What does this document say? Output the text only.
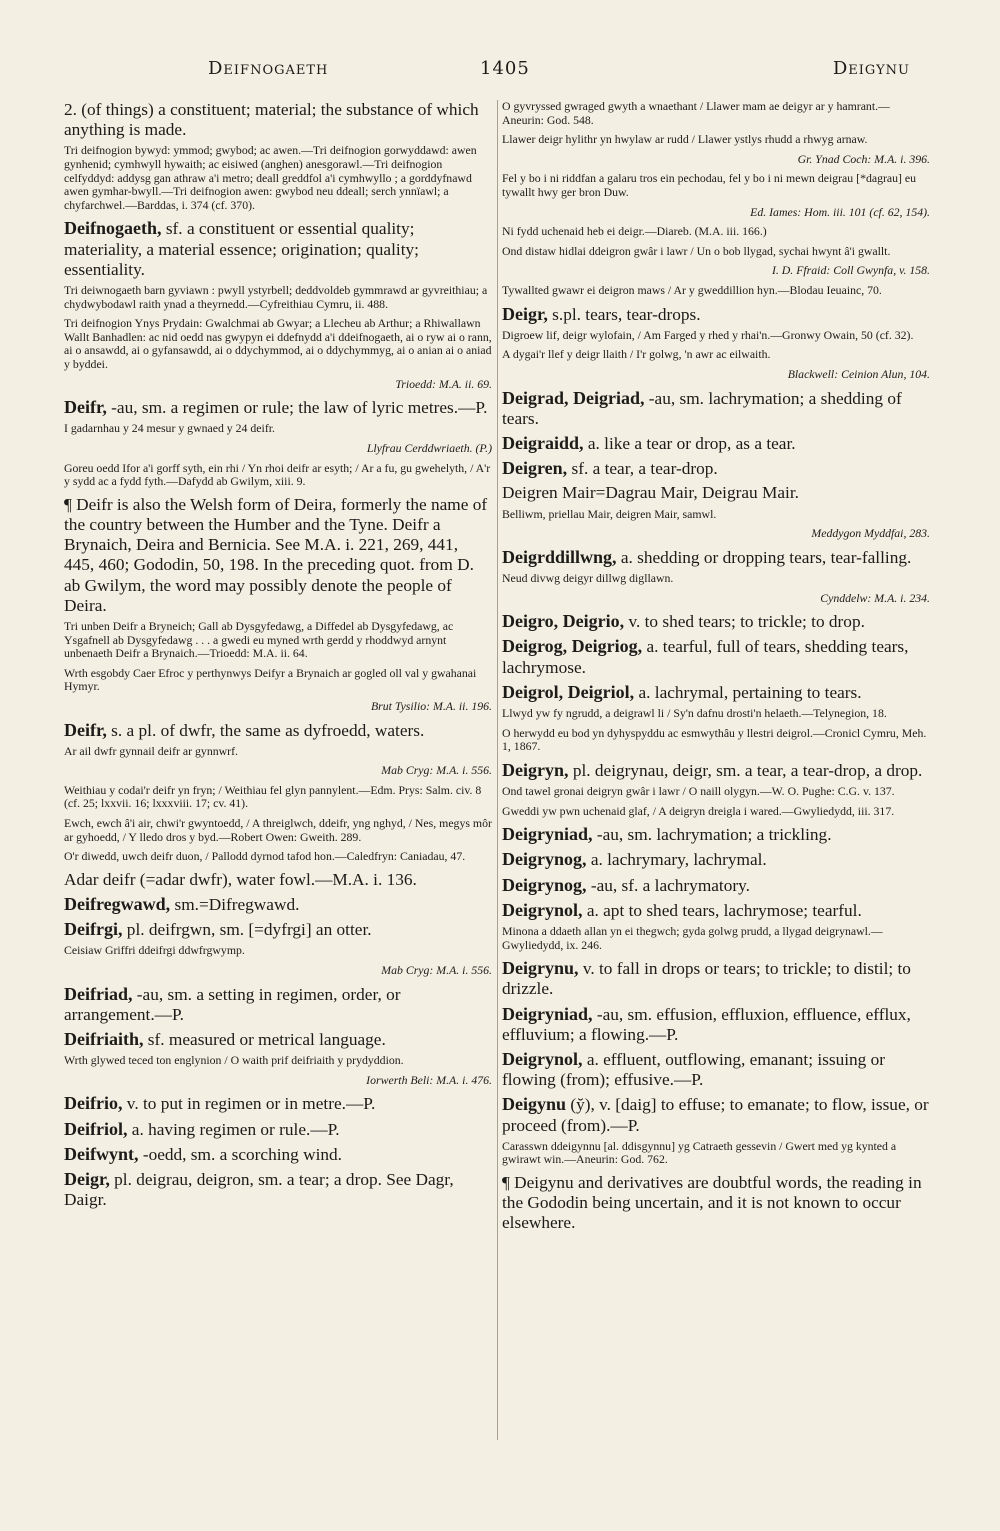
Deifnogaeth	1405	Deigynu
2. (of things) a constituent; material; the substance of which anything is made.
Tri deifnogion bywyd: ymmod; gwybod; ac awen.—Tri deifnogion gorwyddawd: awen gynhenid; cymhwyll hywaith; ac eisiwed (anghen) anesgorawl.—Tri deifnogion celfyddyd: addysg gan athraw a'i metro; deall greddfol a'i cymhwyllo ; a gorddyfnawd awen gymhar-bwyll.—Tri deifnogion awen: gwybod neu ddeall; serch ynnïawl; a chyfarchwel.—Barddas, i. 374 (cf. 370).
Deifnogaeth, sf. a constituent or essential quality; materiality, a material essence; origination; quality; essentiality.
Tri deiwnogaeth barn gyviawn : pwyll ystyrbell; deddvoldeb gymmrawd ar gyvreithiau; a chydwybodawl raith ynad a theyrnedd.—Cyfreithiau Cymru, ii. 488.
Tri deifnogion Ynys Prydain: Gwalchmai ab Gwyar; a Llecheu ab Arthur; a Rhiwallawn Wallt Banhadlen: ac nid oedd nas gwypyn ei ddefnydd a'i ddeifnogaeth, ai o ryw ai o rann, ai o ansawdd, ai o gyfansawdd, ai o ddychymmod, ai o ddychymmyg, ai o anian ai o aniad y byddei.
Trioedd: M.A. ii. 69.
Deifr, -au, sm. a regimen or rule; the law of lyric metres.—P.
I gadarnhau y 24 mesur y gwnaed y 24 deifr.
Llyfrau Cerddwriaeth. (P.)
Goreu oedd Ifor a'i gorff syth, ein rhi / Yn rhoi deifr ar esyth; / Ar a fu, gu gwehelyth, / A'r y sydd ac a fydd fyth.—Dafydd ab Gwilym, xiii. 9.
¶ Deifr is also the Welsh form of Deira, formerly the name of the country between the Humber and the Tyne. Deifr a Brynaich, Deira and Bernicia. See M.A. i. 221, 269, 441, 445, 460; Gododin, 50, 198. In the preceding quot. from D. ab Gwilym, the word may possibly denote the people of Deira.
Tri unben Deifr a Bryneich; Gall ab Dysgyfedawg, a Diffedel ab Dysgyfedawg, ac Ysgafnell ab Dysgyfedawg . . . a gwedi eu myned wrth gerdd y rhoddwyd arnynt unbenaeth Deifr a Brynaich.—Trioedd: M.A. ii. 64.
Wrth esgobdy Caer Efroc y perthynwys Deifyr a Brynaich ar gogled oll val y gwahanai Hymyr.
Brut Tysilio: M.A. ii. 196.
Deifr, s. a pl. of dwfr, the same as dyfroedd, waters.
Ar ail dwfr gynnail deifr ar gynnwrf.
Mab Cryg: M.A. i. 556.
Weithiau y codai'r deifr yn fryn; / Weithiau fel glyn pannylent.—Edm. Prys: Salm. civ. 8 (cf. 25; lxxvii. 16; lxxxviii. 17; cv. 41).
Ewch, ewch â'i air, chwi'r gwyntoedd, / A threiglwch, ddeifr, yng nghyd, / Nes, megys môr ar gyhoedd, / Y lledo dros y byd.—Robert Owen: Gweith. 289.
O'r diwedd, uwch deifr duon, / Pallodd dyrnod tafod hon.—Caledfryn: Caniadau, 47.
Adar deifr (=adar dwfr), water fowl.—M.A. i. 136.
Deifregwawd, sm.=Difregwawd.
Deifrgi, pl. deifrgwn, sm. [=dyfrgi] an otter.
Ceisiaw Griffri ddeifrgi ddwfrgwymp.
Mab Cryg: M.A. i. 556.
Deifriad, -au, sm. a setting in regimen, order, or arrangement.—P.
Deifriaith, sf. measured or metrical language.
Wrth glywed teced ton englynion / O waith prif deifriaith y prydyddion.
Iorwerth Beli: M.A. i. 476.
Deifrio, v. to put in regimen or in metre.—P.
Deifriol, a. having regimen or rule.—P.
Deifwynt, -oedd, sm. a scorching wind.
Deigr, pl. deigrau, deigron, sm. a tear; a drop. See Dagr, Daigr.
O gyvryssed gwraged gwyth a wnaethant / Llawer mam ae deigyr ar y hamrant.—Aneurin: God. 548.
Llawer deigr hylithr yn hwylaw ar rudd / Llawer ystlys rhudd a rhwyg arnaw.
Gr. Ynad Coch: M.A. i. 396.
Fel y bo i ni riddfan a galaru tros ein pechodau, fel y bo i ni mewn deigrau [*dagrau] eu tywallt hwy ger bron Duw.
Ed. Iames: Hom. iii. 101 (cf. 62, 154).
Ni fydd uchenaid heb ei deigr.—Diareb. (M.A. iii. 166.)
Ond distaw hidlai ddeigron gwâr i lawr / Un o bob llygad, sychai hwynt â'i gwallt.
I. D. Ffraid: Coll Gwynfa, v. 158.
Tywallted gwawr ei deigron maws / Ar y gweddillion hyn.—Blodau Ieuainc, 70.
Deigr, s.pl. tears, tear-drops.
Digroew lif, deigr wylofain, / Am Farged y rhed y rhai'n.—Gronwy Owain, 50 (cf. 32).
A dygai'r llef y deigr llaith / I'r golwg, 'n awr ac eilwaith.
Blackwell: Ceinion Alun, 104.
Deigrad, Deigriad, -au, sm. lachrymation; a shedding of tears.
Deigraidd, a. like a tear or drop, as a tear.
Deigren, sf. a tear, a tear-drop.
Deigren Mair=Dagrau Mair, Deigrau Mair.
Belliwm, priellau Mair, deigren Mair, samwl.
Meddygon Myddfai, 283.
Deigrddillwng, a. shedding or dropping tears, tear-falling.
Neud divwg deigyr dillwg digllawn.
Cynddelw: M.A. i. 234.
Deigro, Deigrio, v. to shed tears; to trickle; to drop.
Deigrog, Deigriog, a. tearful, full of tears, shedding tears, lachrymose.
Deigrol, Deigriol, a. lachrymal, pertaining to tears.
Llwyd yw fy ngrudd, a deigrawl li / Sy'n dafnu drosti'n helaeth.—Telynegion, 18.
O herwydd eu bod yn dyhyspyddu ac esmwythâu y llestri deigrol.—Cronicl Cymru, Meh. 1, 1867.
Deigryn, pl. deigrynau, deigr, sm. a tear, a tear-drop, a drop.
Ond tawel gronai deigryn gwâr i lawr / O naill olygyn.—W. O. Pughe: C.G. v. 137.
Gweddi yw pwn uchenaid glaf, / A deigryn dreigla i wared.—Gwyliedydd, iii. 317.
Deigryniad, -au, sm. lachrymation; a trickling.
Deigrynog, a. lachrymary, lachrymal.
Deigrynog, -au, sf. a lachrymatory.
Deigrynol, a. apt to shed tears, lachrymose; tearful.
Minona a ddaeth allan yn ei thegwch; gyda golwg prudd, a llygad deigrynawl.—Gwyliedydd, ix. 246.
Deigrynu, v. to fall in drops or tears; to trickle; to distil; to drizzle.
Deigryniad, -au, sm. effusion, effluxion, effluence, efflux, effluvium; a flowing.—P.
Deigrynol, a. effluent, outflowing, emanant; issuing or flowing (from); effusive.—P.
Deigynu (y̆), v. [daig] to effuse; to emanate; to flow, issue, or proceed (from).—P.
Carasswn ddeigynnu [al. ddisgynnu] yg Catraeth gessevin / Gwert med yg kynted a gwirawt win.—Aneurin: God. 762.
¶ Deigynu and derivatives are doubtful words, the reading in the Gododin being uncertain, and it is not known to occur elsewhere.
